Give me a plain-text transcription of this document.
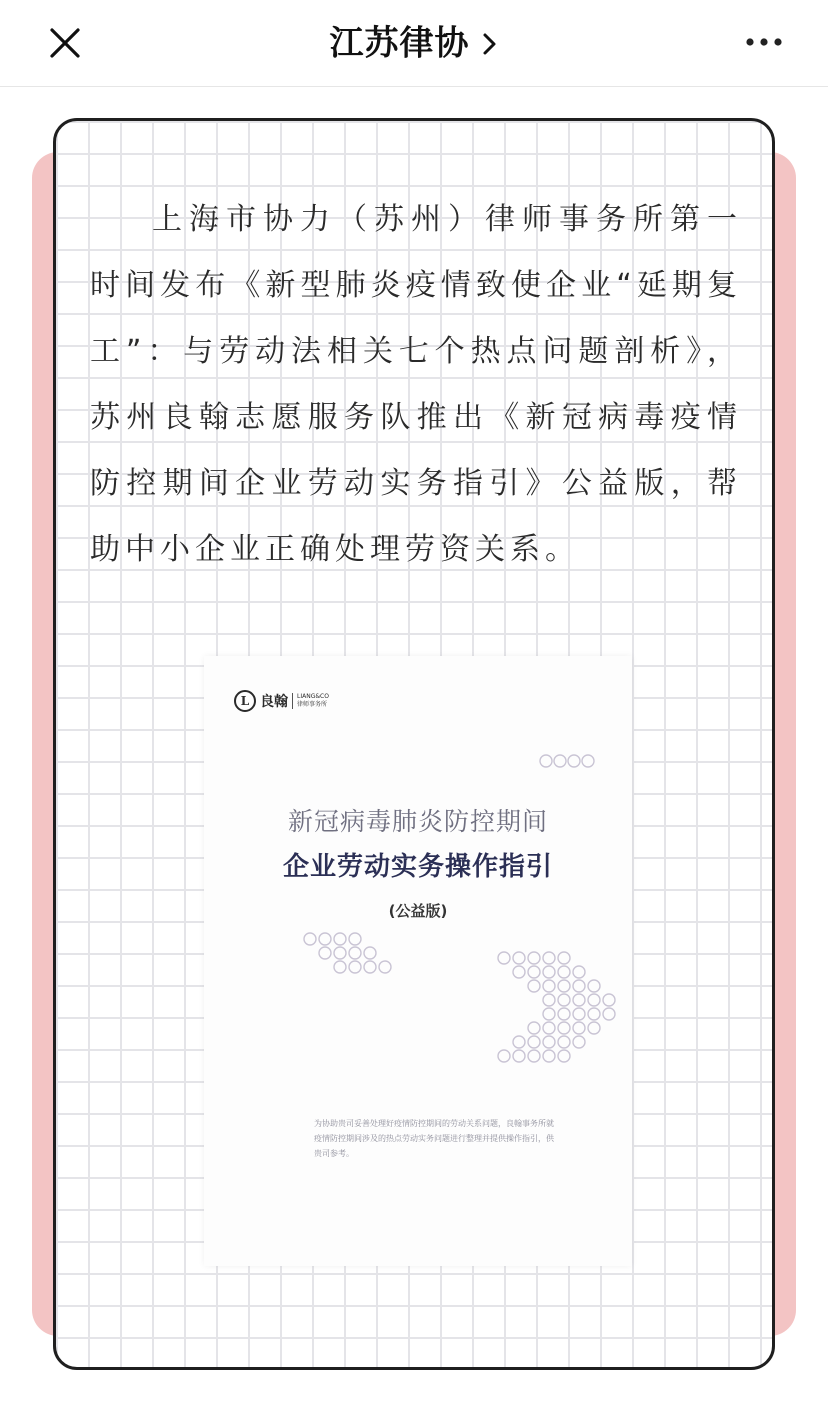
江苏律协

上海市协力（苏州）律师事务所第一时间发布《新型肺炎疫情致使企业“延期复工”：与劳动法相关七个热点问题剖析》，苏州良翰志愿服务队推出《新冠病毒疫情防控期间企业劳动实务指引》公益版，帮助中小企业正确处理劳资关系。

L 良翰 LIANG&CO
律师事务所
新冠病毒肺炎防控期间
企业劳动实务操作指引
(公益版)
为协助贵司妥善处理好疫情防控期间的劳动关系问题，良翰事务所就疫情防控期间涉及的热点劳动实务问题进行整理并提供操作指引，供贵司参考。
